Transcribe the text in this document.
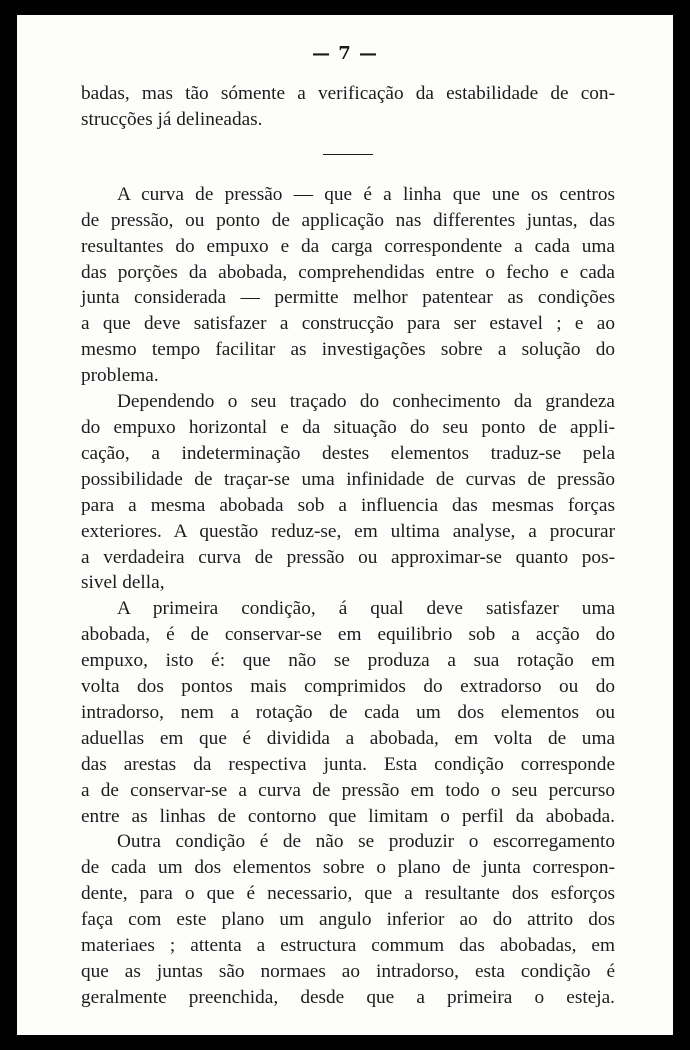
— 7 —
badas, mas tão sómente a verificação da estabilidade de con-
strucções já delineadas.
A curva de pressão — que é a linha que une os centros
de pressão, ou ponto de applicação nas differentes juntas, das
resultantes do empuxo e da carga correspondente a cada uma
das porções da abobada, comprehendidas entre o fecho e cada
junta considerada — permitte melhor patentear as condições
a que deve satisfazer a construcção para ser estavel ; e ao
mesmo tempo facilitar as investigações sobre a solução do
problema.
Dependendo o seu traçado do conhecimento da grandeza
do empuxo horizontal e da situação do seu ponto de appli-
cação, a indeterminação destes elementos traduz-se pela
possibilidade de traçar-se uma infinidade de curvas de pressão
para a mesma abobada sob a influencia das mesmas forças
exteriores. A questão reduz-se, em ultima analyse, a procurar
a verdadeira curva de pressão ou approximar-se quanto pos-
sivel della,
A primeira condição, á qual deve satisfazer uma
abobada, é de conservar-se em equilibrio sob a acção do
empuxo, isto é: que não se produza a sua rotação em
volta dos pontos mais comprimidos do extradorso ou do
intradorso, nem a rotação de cada um dos elementos ou
aduellas em que é dividida a abobada, em volta de uma
das arestas da respectiva junta. Esta condição corresponde
a de conservar-se a curva de pressão em todo o seu percurso
entre as linhas de contorno que limitam o perfil da abobada.
Outra condição é de não se produzir o escorregamento
de cada um dos elementos sobre o plano de junta correspon-
dente, para o que é necessario, que a resultante dos esforços
faça com este plano um angulo inferior ao do attrito dos
materiaes ; attenta a estructura commum das abobadas, em
que as juntas são normaes ao intradorso, esta condição é
geralmente preenchida, desde que a primeira o esteja.
